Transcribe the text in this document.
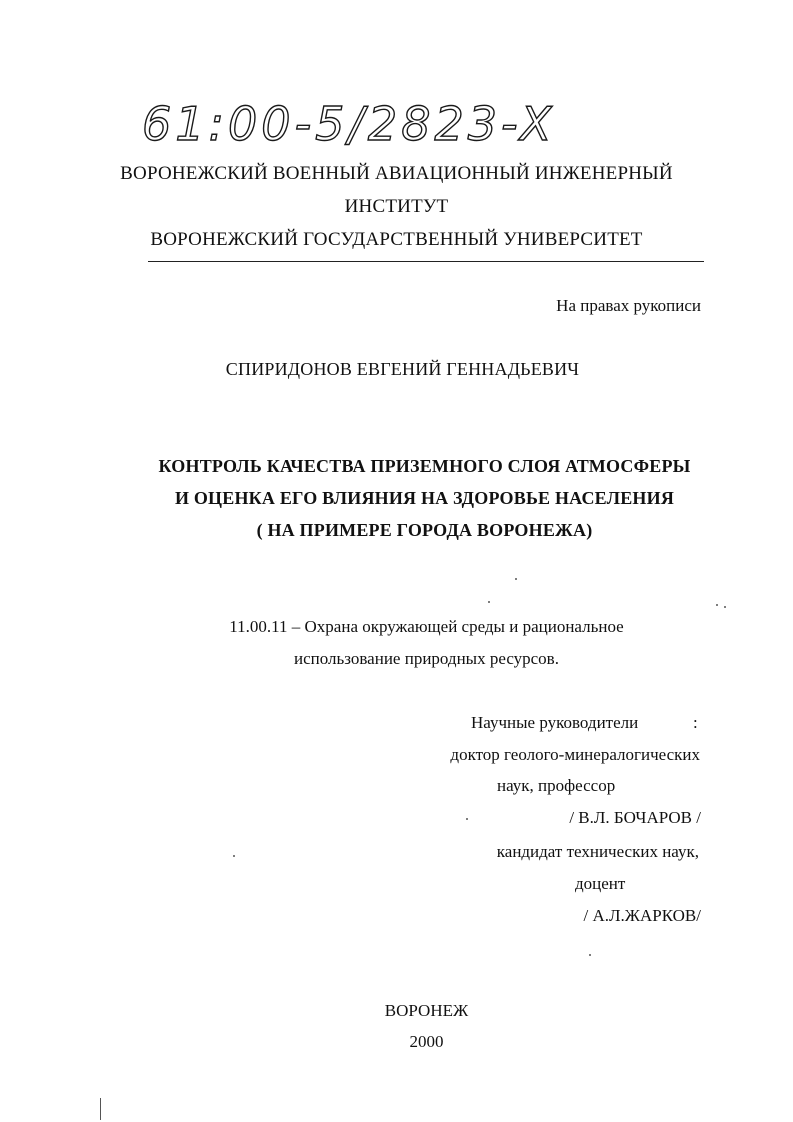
61:00-5/2823-X
ВОРОНЕЖСКИЙ ВОЕННЫЙ АВИАЦИОННЫЙ ИНЖЕНЕРНЫЙ
ИНСТИТУТ
ВОРОНЕЖСКИЙ ГОСУДАРСТВЕННЫЙ УНИВЕРСИТЕТ
На правах рукописи
СПИРИДОНОВ ЕВГЕНИЙ ГЕННАДЬЕВИЧ
КОНТРОЛЬ КАЧЕСТВА ПРИЗЕМНОГО СЛОЯ АТМОСФЕРЫ
И ОЦЕНКА ЕГО ВЛИЯНИЯ НА ЗДОРОВЬЕ НАСЕЛЕНИЯ
( НА ПРИМЕРЕ ГОРОДА ВОРОНЕЖА)
11.00.11 – Охрана окружающей среды и рациональное
использование природных ресурсов.
Научные руководители	:
доктор геолого-минералогических
наук, профессор
/ В.Л. БОЧАРОВ /
кандидат технических наук,
доцент
/ А.Л.ЖАРКОВ/
ВОРОНЕЖ
2000
